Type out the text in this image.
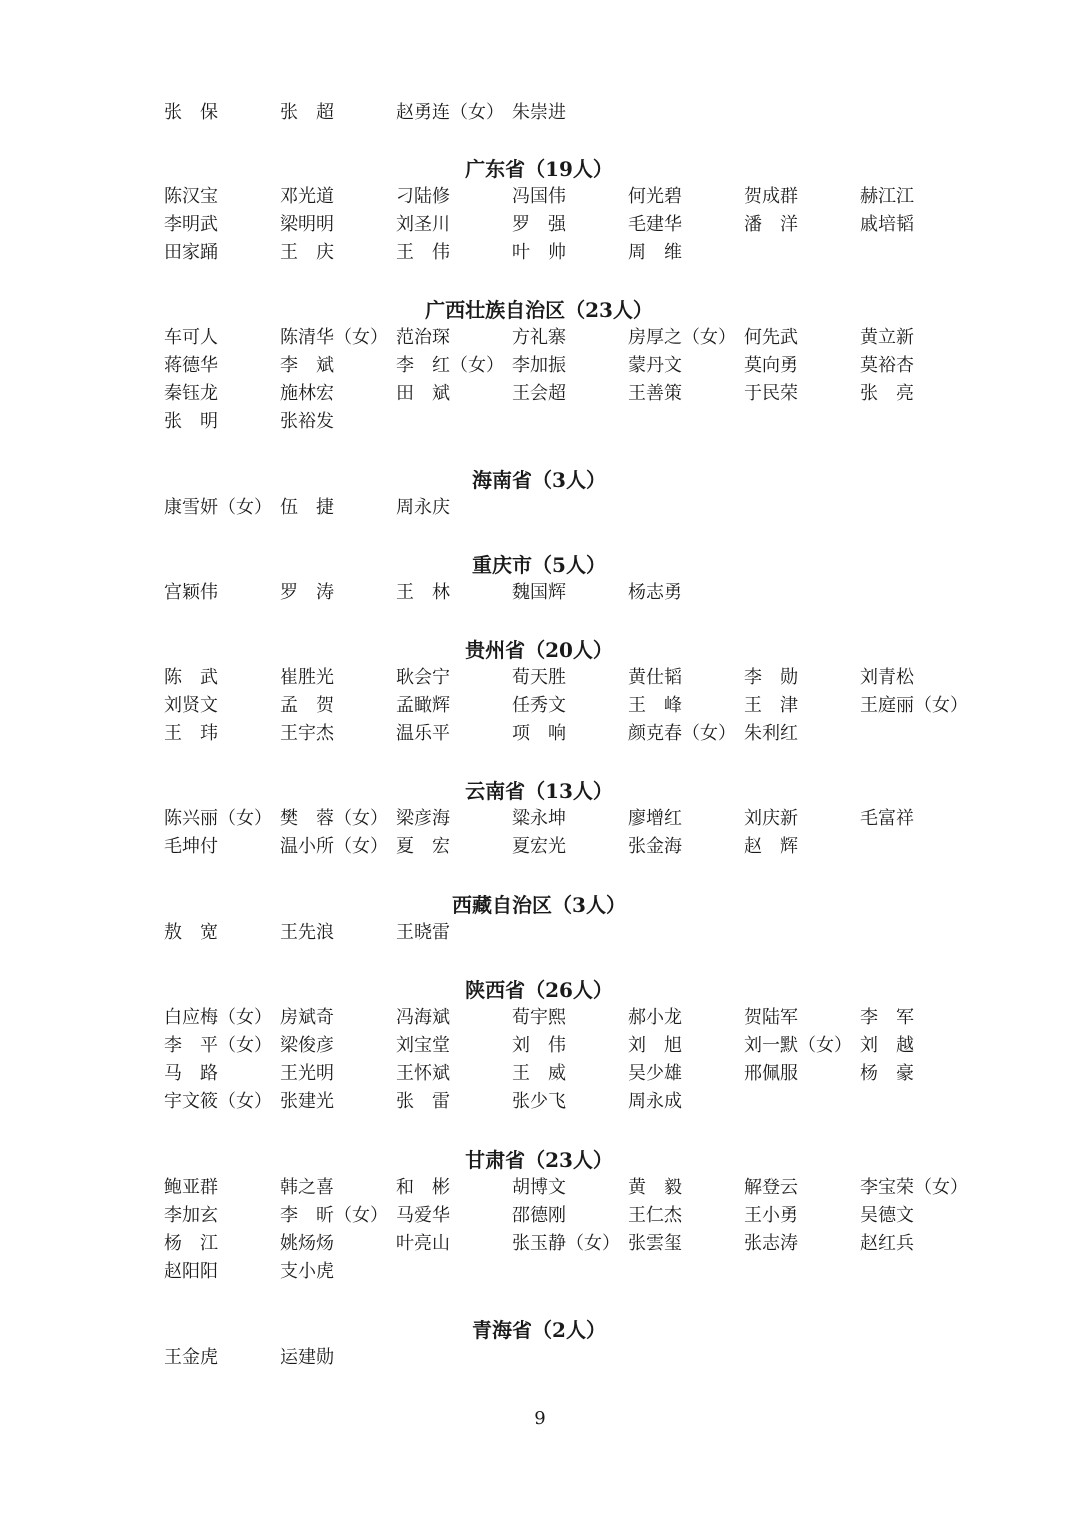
张　保	张　超	赵勇连（女） 朱崇进
广东省（19人）
陈汉宝	邓光道	刁陆修	冯国伟	何光碧	贺成群	赫江江
李明武	梁明明	刘圣川	罗　强	毛建华	潘　洋	戚培韬
田家踊	王　庆	王　伟	叶　帅	周　维
广西壮族自治区（23人）
车可人	陈清华（女） 范治琛	方礼寨	房厚之（女） 何先武	黄立新
蒋德华	李　斌	李　红（女） 李加振	蒙丹文	莫向勇	莫裕杏
秦钰龙	施林宏	田　斌	王会超	王善策	于民荣	张　亮
张　明	张裕发
海南省（3人）
康雪妍（女） 伍　捷	周永庆
重庆市（5人）
宫颖伟	罗　涛	王　林	魏国辉	杨志勇
贵州省（20人）
陈　武	崔胜光	耿会宁	荀天胜	黄仕韬	李　勋	刘青松
刘贤文	孟　贺	孟瞰辉	任秀文	王　峰	王　津	王庭丽（女）
王　玮	王宇杰	温乐平	项　响	颜克春（女） 朱利红
云南省（13人）
陈兴丽（女） 樊　蓉（女） 梁彦海	粱永坤	廖增红	刘庆新	毛富祥
毛坤付	温小所（女） 夏　宏	夏宏光	张金海	赵　辉
西藏自治区（3人）
敖　宽	王先浪	王晓雷
陕西省（26人）
白应梅（女） 房斌奇	冯海斌	荀宇熙	郝小龙	贺陆军	李　军
李　平（女） 梁俊彦	刘宝堂	刘　伟	刘　旭	刘一默（女） 刘　越
马　路	王光明	王怀斌	王　威	吴少雄	邢佩服	杨　豪
宇文筱（女） 张建光	张　雷	张少飞	周永成
甘肃省（23人）
鲍亚群	韩之喜	和　彬	胡博文	黄　毅	解登云	李宝荣（女）
李加玄	李　昕（女） 马爱华	邵德刚	王仁杰	王小勇	吴德文
杨　江	姚炀炀	叶亮山	张玉静（女） 张雲玺	张志涛	赵红兵
赵阳阳	支小虎
青海省（2人）
王金虎	运建勋
9
